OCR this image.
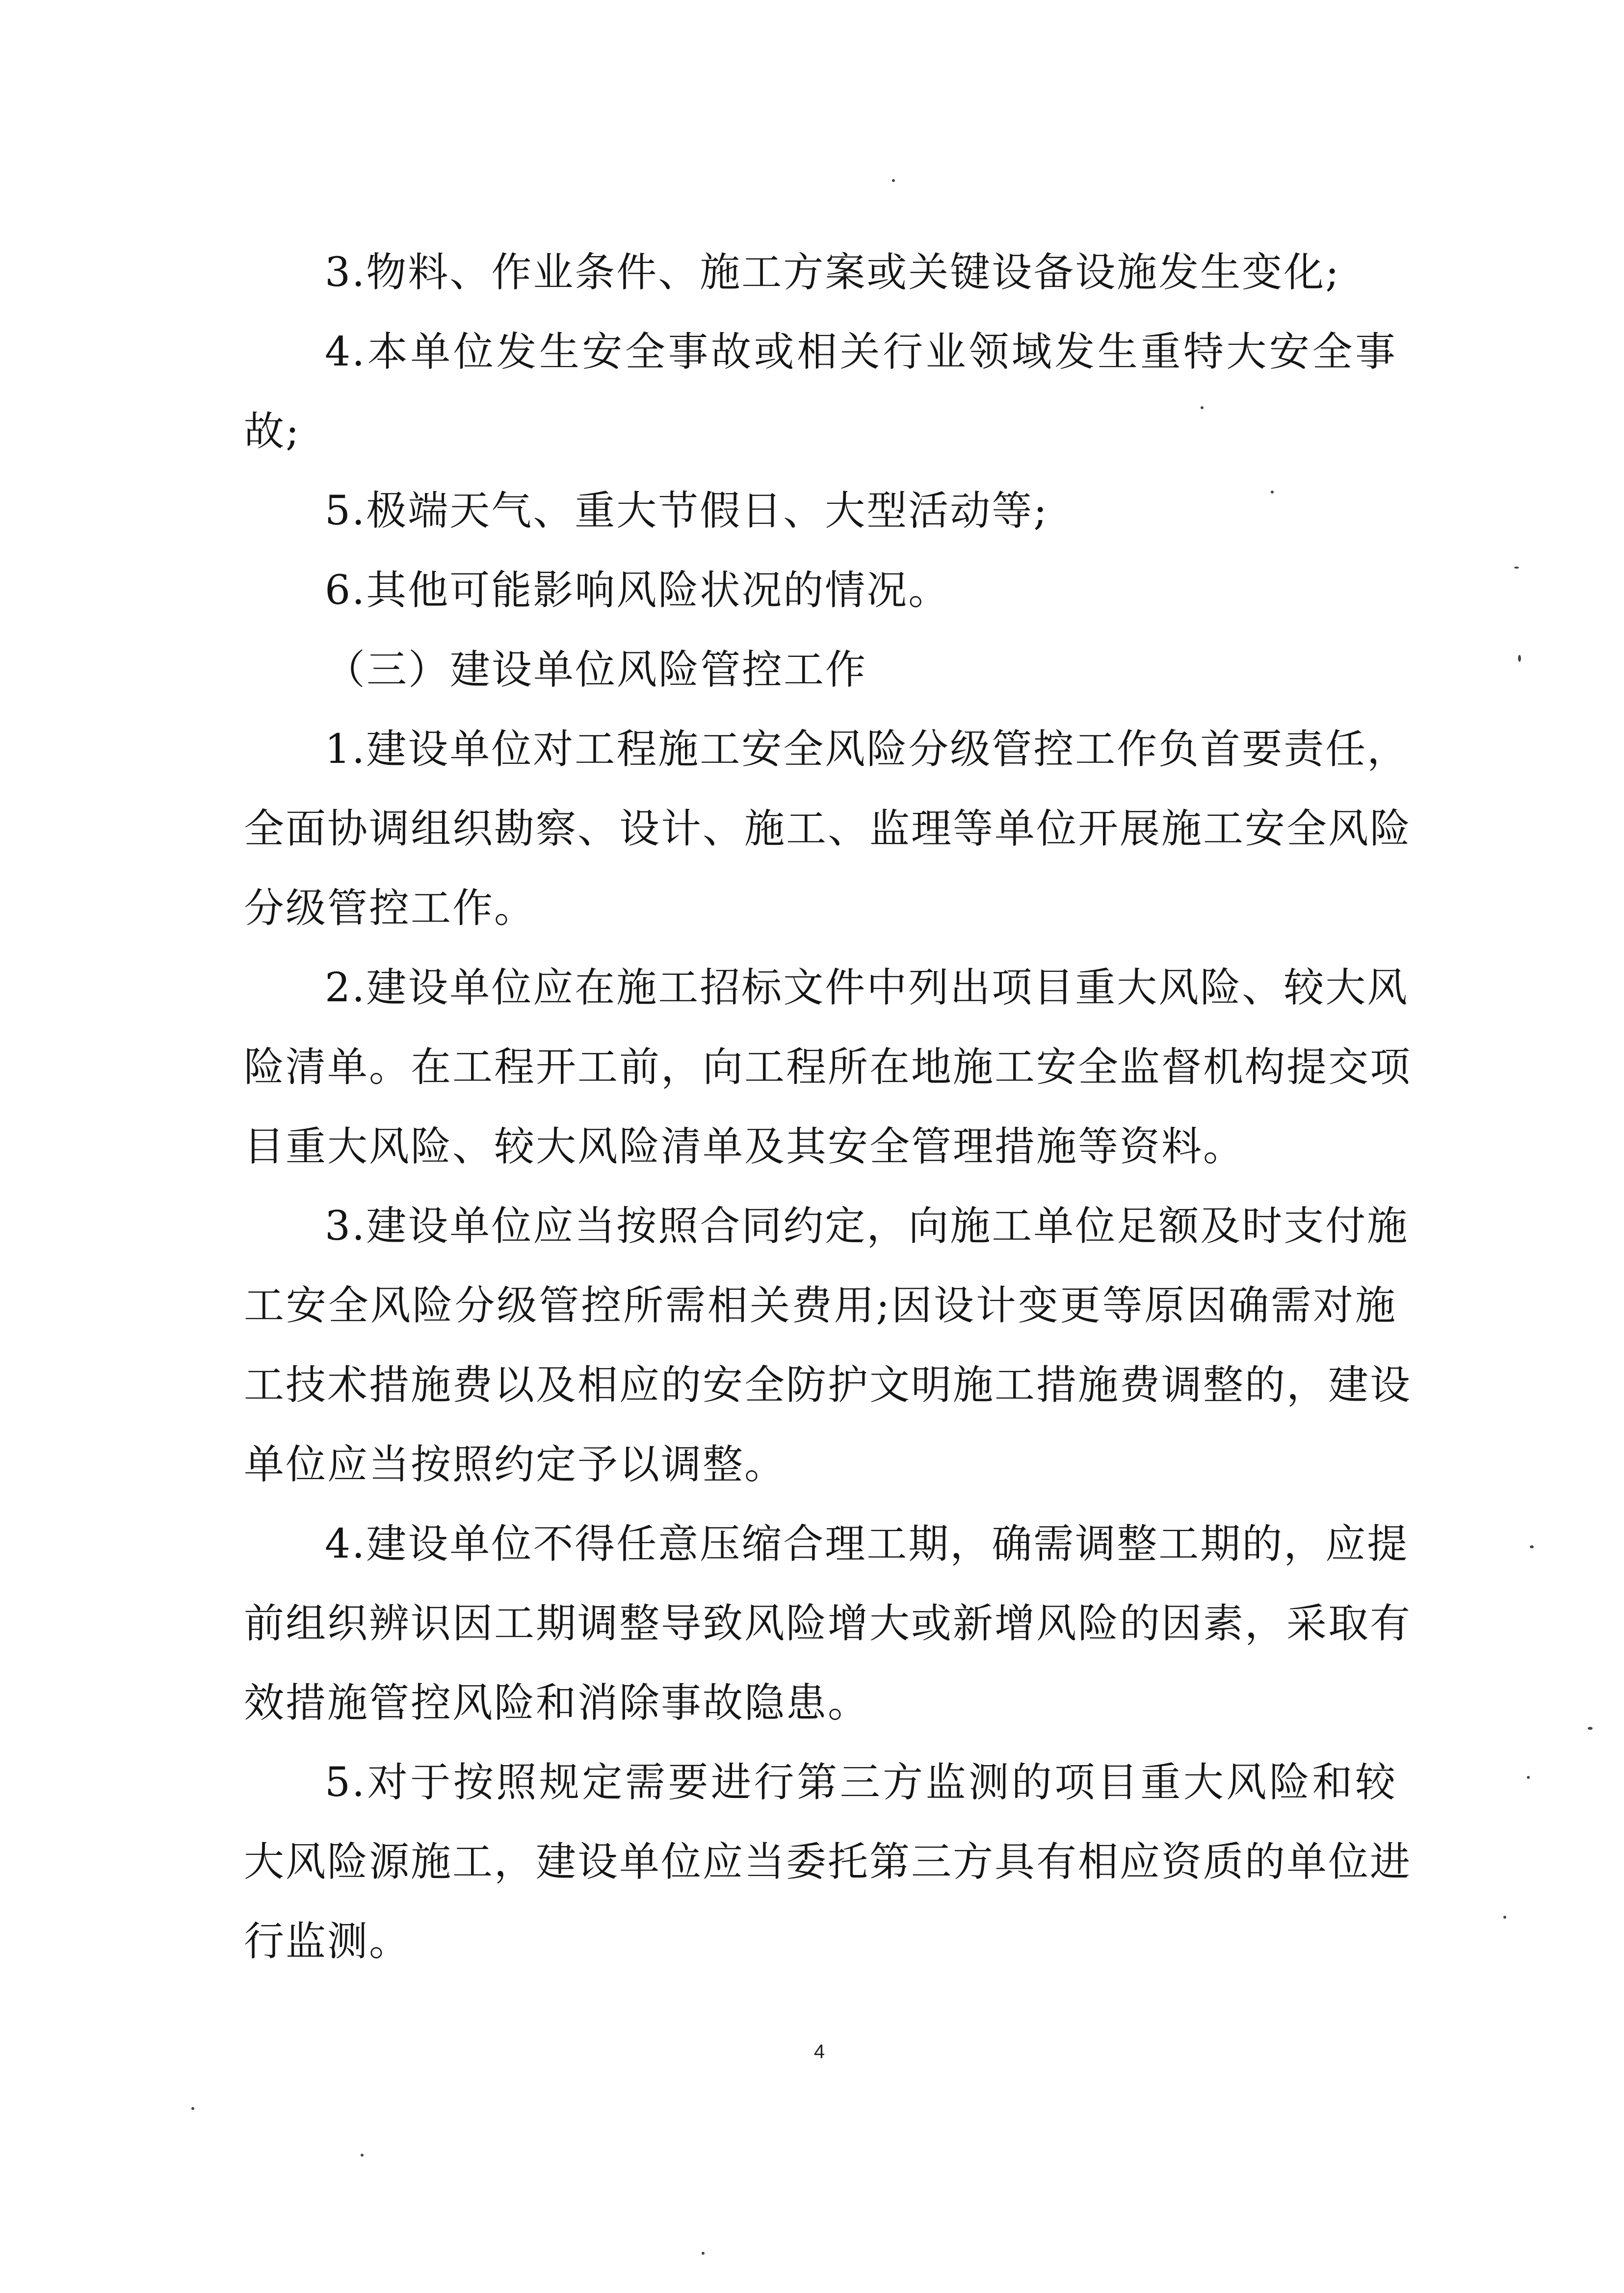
3.物料、作业条件、施工方案或关键设备设施发生变化;
4.本单位发生安全事故或相关行业领域发生重特大安全事
故;
5.极端天气、重大节假日、大型活动等;
6.其他可能影响风险状况的情况。
（三）建设单位风险管控工作
1.建设单位对工程施工安全风险分级管控工作负首要责任，
全面协调组织勘察、设计、施工、监理等单位开展施工安全风险
分级管控工作。
2.建设单位应在施工招标文件中列出项目重大风险、较大风
险清单。在工程开工前，向工程所在地施工安全监督机构提交项
目重大风险、较大风险清单及其安全管理措施等资料。
3.建设单位应当按照合同约定，向施工单位足额及时支付施
工安全风险分级管控所需相关费用;因设计变更等原因确需对施
工技术措施费以及相应的安全防护文明施工措施费调整的，建设
单位应当按照约定予以调整。
4.建设单位不得任意压缩合理工期，确需调整工期的，应提
前组织辨识因工期调整导致风险增大或新增风险的因素，采取有
效措施管控风险和消除事故隐患。
5.对于按照规定需要进行第三方监测的项目重大风险和较
大风险源施工，建设单位应当委托第三方具有相应资质的单位进
行监测。
4
